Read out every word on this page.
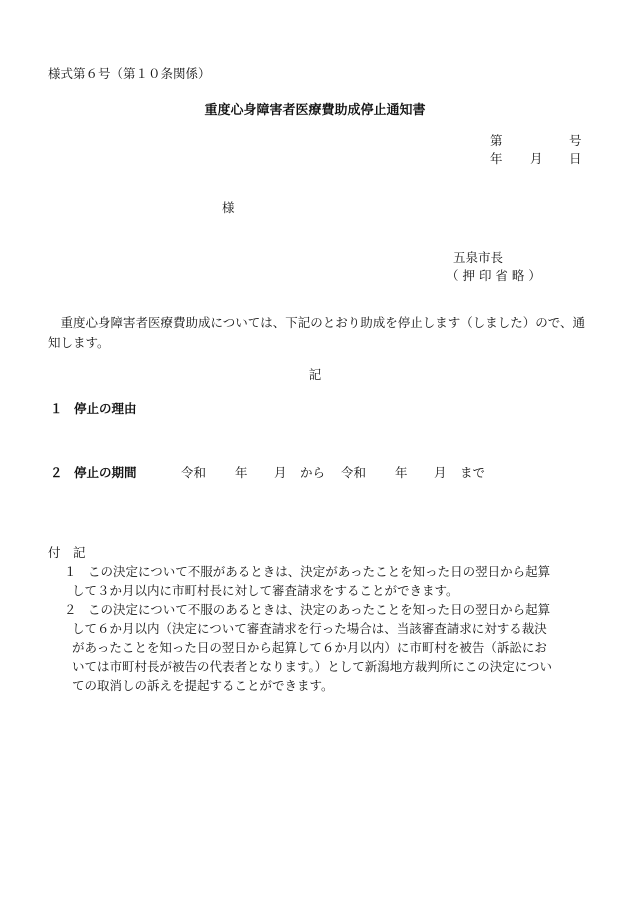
様式第６号（第１０条関係）
重度心身障害者医療費助成停止通知書
第	号
年 月 日
様
五泉市長
（ 押 印 省 略 ）
　重度心身障害者医療費助成については、下記のとおり助成を停止します（しました）ので、通知します。
記
１ 停止の理由
２ 停止の期間	令和 年 月 から 令和 年 月 まで
付　記
１ この決定について不服があるときは、決定があったことを知った日の翌日から起算
して３か月以内に市町村長に対して審査請求をすることができます。
２ この決定について不服のあるときは、決定のあったことを知った日の翌日から起算
して６か月以内（決定について審査請求を行った場合は、当該審査請求に対する裁決
があったことを知った日の翌日から起算して６か月以内）に市町村を被告（訴訟にお
いては市町村長が被告の代表者となります。）として新潟地方裁判所にこの決定につい
ての取消しの訴えを提起することができます。
